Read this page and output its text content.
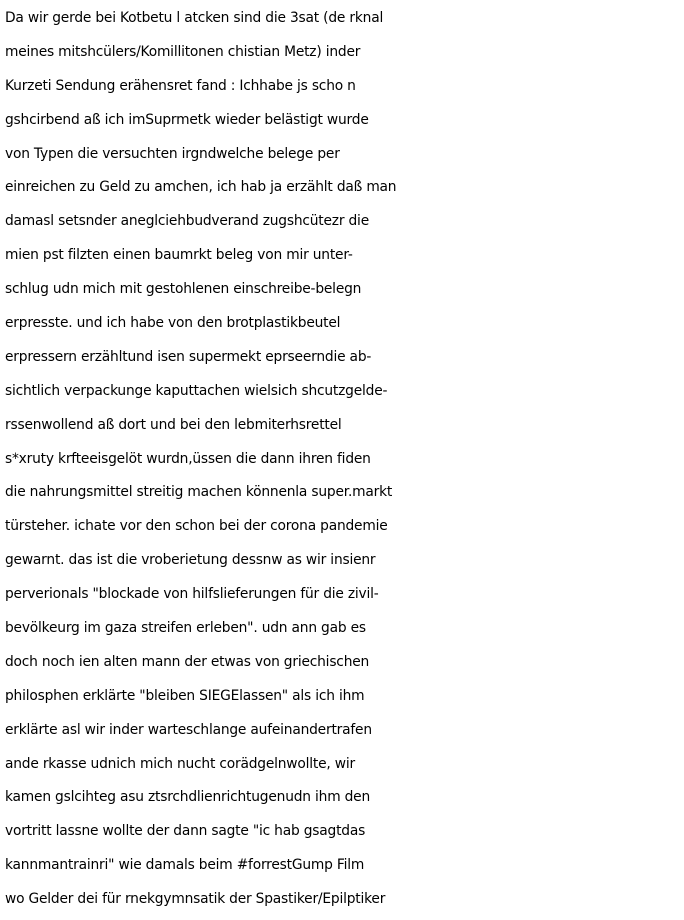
Da wir gerde bei Kotbetu l atcken sind die 3sat (de rknal
meines mitshcülers/Komillitonen chistian Metz) inder
Kurzeti Sendung erähensret fand : Ichhabe js scho n
gshcirbend aß ich imSuprmetk wieder belästigt wurde
von Typen die versuchten irgndwelche belege per
einreichen zu Geld zu amchen, ich hab ja erzählt daß man
damasl setsnder aneglciehbudverand zugshcütezr die
mien pst filzten einen baumrkt beleg von mir unter-
schlug udn mich mit gestohlenen einschreibe-belegn
erpresste. und ich habe von den brotplastikbeutel
erpressern erzähltund isen supermekt eprseerndie ab-
sichtlich verpackunge kaputtachen wielsich shcutzgelde-
rssenwollend aß dort und bei den lebmiterhsrettel
s*xruty krfteeisgelöt wurdn,üssen die dann ihren fiden
die nahrungsmittel streitig machen könnenla super.markt
türsteher. ichate vor den schon bei der corona pandemie
gewarnt. das ist die vroberietung dessnw as wir insienr
perverionals "blockade von hilfslieferungen für die zivil-
bevölkeurg im gaza streifen erleben". udn ann gab es
doch noch ien alten mann der etwas von griechischen
philosphen erklärte "bleiben SIEGElassen" als ich ihm
erklärte asl wir inder warteschlange aufeinandertrafen
ande rkasse udnich mich nucht corädgelnwollte, wir
kamen gslcihteg asu ztsrchdlienrichtugenudn ihm den
vortritt lassne wollte der dann sagte "ic hab gsagtdas
kannmantrainri" wie damals beim #forrestGump Film
wo Gelder dei für rnekgymnsatik der Spastiker/Epilptiker
